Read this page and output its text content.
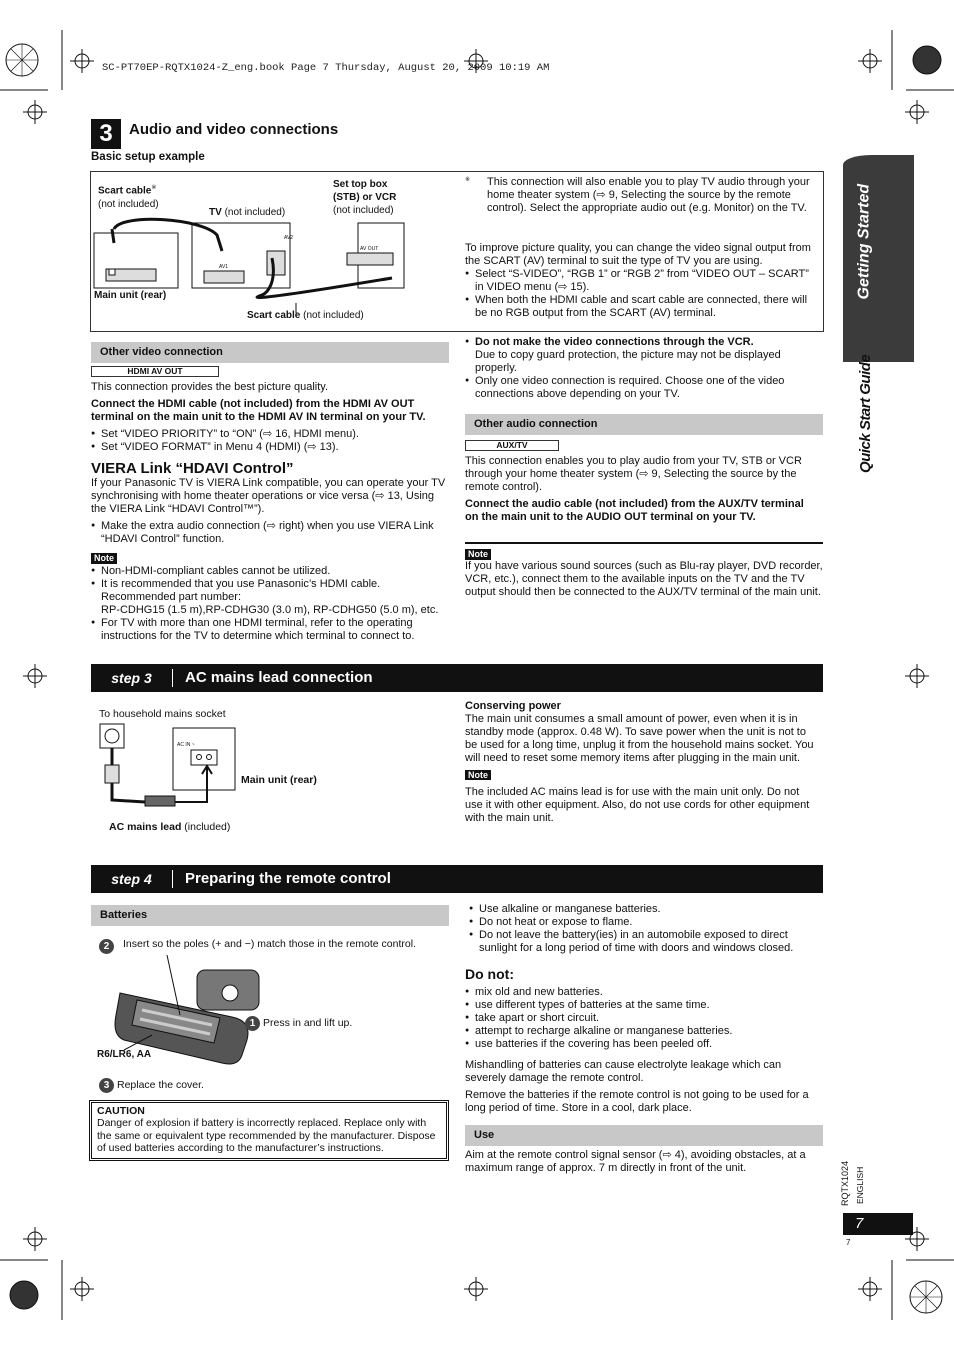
SC-PT70EP-RQTX1024-Z_eng.book Page 7 Thursday, August 20, 2009 10:19 AM
Getting Started
Quick Start Guide
RQTX1024 ENGLISH
7
7
3	Audio and video connections
Basic setup example
AV2
AV1
AV OUT
Scart cable※
(not included)
TV (not included)
Set top box
(STB) or VCR
(not included)
Main unit (rear)
Scart cable (not included)
※ This connection will also enable you to play TV audio through your home theater system (⇨ 9, Selecting the source by the remote control). Select the appropriate audio out (e.g. Monitor) on the TV.
To improve picture quality, you can change the video signal output from the SCART (AV) terminal to suit the type of TV you are using.
● Select “S-VIDEO”, “RGB 1” or “RGB 2” from “VIDEO OUT – SCART” in VIDEO menu (⇨ 15).
● When both the HDMI cable and scart cable are connected, there will be no RGB output from the SCART (AV) terminal.
Other video connection
HDMI AV OUT
This connection provides the best picture quality.
Connect the HDMI cable (not included) from the HDMI AV OUT terminal on the main unit to the HDMI AV IN terminal on your TV.
● Set “VIDEO PRIORITY” to “ON” (⇨ 16, HDMI menu).
● Set “VIDEO FORMAT” in Menu 4 (HDMI) (⇨ 13).
● Do not make the video connections through the VCR.
Due to copy guard protection, the picture may not be displayed properly.
● Only one video connection is required. Choose one of the video connections above depending on your TV.
VIERA Link “HDAVI Control”
If your Panasonic TV is VIERA Link compatible, you can operate your TV synchronising with home theater operations or vice versa (⇨ 13, Using the VIERA Link “HDAVI Control™”).
● Make the extra audio connection (⇨ right) when you use VIERA Link “HDAVI Control” function.
Note
● Non-HDMI-compliant cables cannot be utilized.
● It is recommended that you use Panasonic’s HDMI cable.
Recommended part number:
RP-CDHG15 (1.5 m),RP-CDHG30 (3.0 m), RP-CDHG50 (5.0 m), etc.
● For TV with more than one HDMI terminal, refer to the operating instructions for the TV to determine which terminal to connect to.
Other audio connection
AUX/TV
This connection enables you to play audio from your TV, STB or VCR through your home theater system (⇨ 9, Selecting the source by the remote control).
Connect the audio cable (not included) from the AUX/TV terminal on the main unit to the AUDIO OUT terminal on your TV.
Note
If you have various sound sources (such as Blu-ray player, DVD recorder, VCR, etc.), connect them to the available inputs on the TV and the TV output should then be connected to the AUX/TV terminal of the main unit.
step 3	AC mains lead connection
To household mains socket
AC IN ~
Main unit (rear)
AC mains lead (included)
Conserving power
The main unit consumes a small amount of power, even when it is in standby mode (approx. 0.48 W). To save power when the unit is not to be used for a long time, unplug it from the household mains socket. You will need to reset some memory items after plugging in the main unit.
Note
The included AC mains lead is for use with the main unit only. Do not use it with other equipment. Also, do not use cords for other equipment with the main unit.
step 4	Preparing the remote control
Batteries
2	Insert so the poles (+ and −) match those in the remote control.
1 Press in and lift up.
R6/LR6, AA
3 Replace the cover.
CAUTION
Danger of explosion if battery is incorrectly replaced. Replace only with the same or equivalent type recommended by the manufacturer. Dispose of used batteries according to the manufacturer’s instructions.
● Use alkaline or manganese batteries.
● Do not heat or expose to flame.
● Do not leave the battery(ies) in an automobile exposed to direct sunlight for a long period of time with doors and windows closed.
Do not:
● mix old and new batteries.
● use different types of batteries at the same time.
● take apart or short circuit.
● attempt to recharge alkaline or manganese batteries.
● use batteries if the covering has been peeled off.
Mishandling of batteries can cause electrolyte leakage which can severely damage the remote control.
Remove the batteries if the remote control is not going to be used for a long period of time. Store in a cool, dark place.
Use
Aim at the remote control signal sensor (⇨ 4), avoiding obstacles, at a maximum range of approx. 7 m directly in front of the unit.
